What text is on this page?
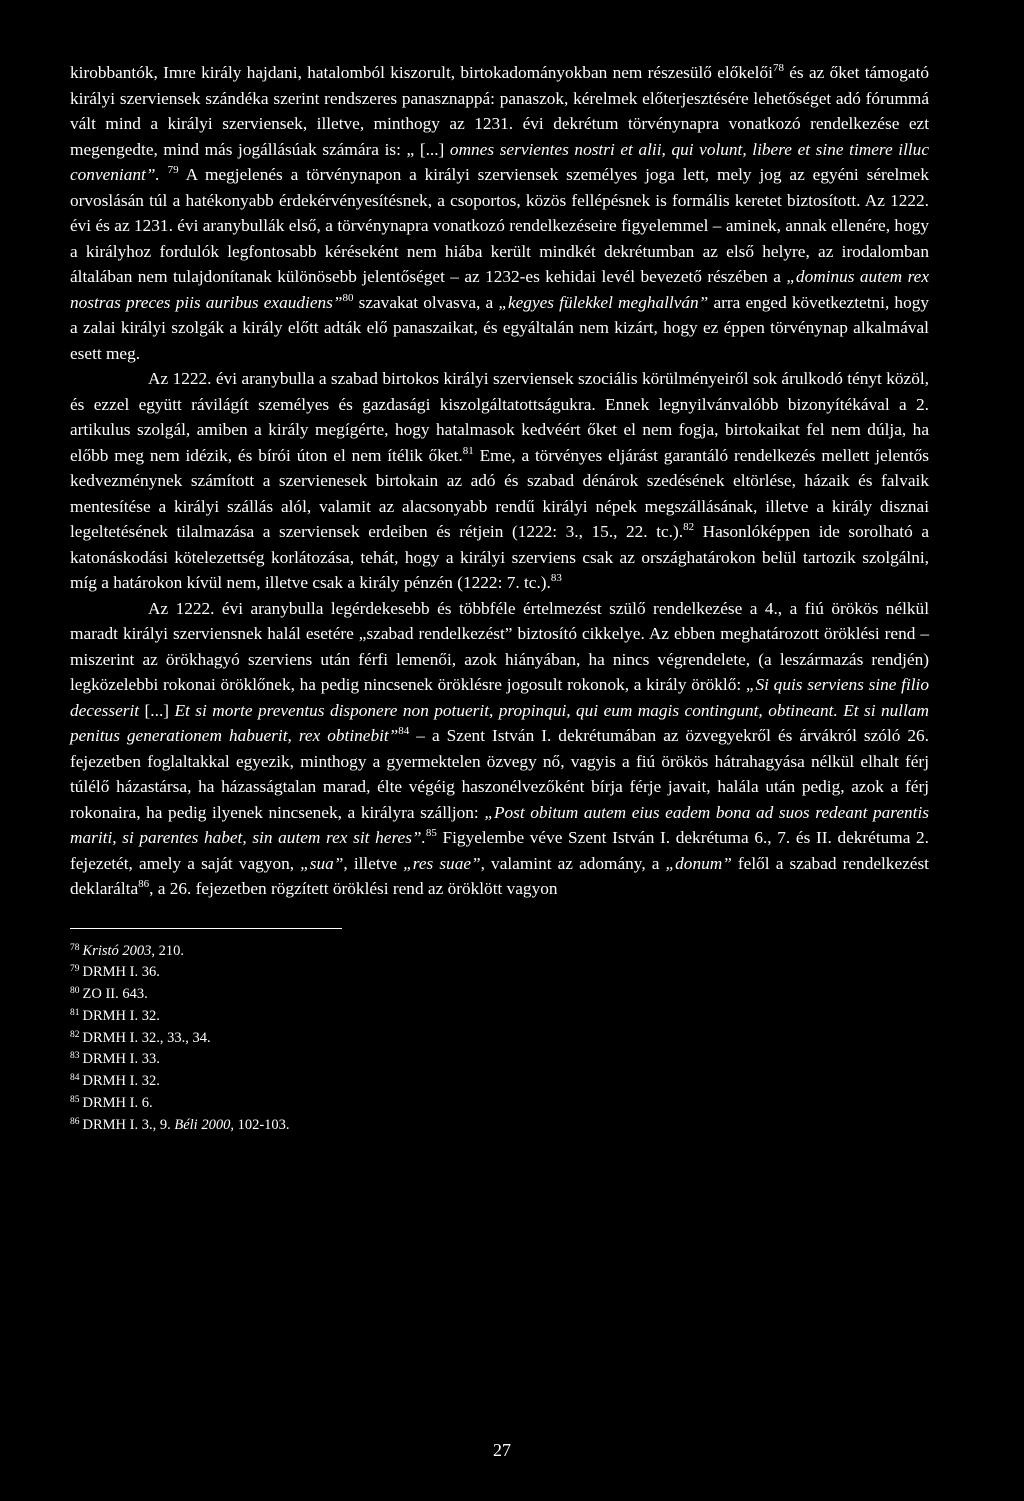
kirobbantók, Imre király hajdani, hatalomból kiszorult, birtokadományokban nem részesülő előkelői$^{78}$ és az őket támogató királyi szerviensek szándéka szerint rendszeres panasznappá: panaszok, kérelmek előterjesztésére lehetőséget adó fórummá vált mind a királyi szerviensek, illetve, minthogy az 1231. évi dekrétum törvénynapra vonatkozó rendelkezése ezt megengedte, mind más jogállásúak számára is: „ [...] omnes servientes nostri et alii, qui volunt, libere et sine timere illuc conveniant”. $^{79}$ A megjelenés a törvénynapon a királyi szerviensek személyes joga lett, mely jog az egyéni sérelmek orvoslásán túl a hatékonyabb érdekérvényesítésnek, a csoportos, közös fellépésnek is formális keretet biztosított. Az 1222. évi és az 1231. évi aranybullák első, a törvénynapra vonatkozó rendelkezéseire figyelemmel – aminek, annak ellenére, hogy a királyhoz fordulók legfontosabb kéréseként nem hiába került mindkét dekrétumban az első helyre, az irodalomban általában nem tulajdonítanak különösebb jelentőséget – az 1232-es kehidai levél bevezető részében a „dominus autem rex nostras preces piis auribus exaudiens”$^{80}$ szavakat olvasva, a „kegyes fülekkel meghallván” arra enged következtetni, hogy a zalai királyi szolgák a király előtt adták elő panaszaikat, és egyáltalán nem kizárt, hogy ez éppen törvénynap alkalmával esett meg.

Az 1222. évi aranybulla a szabad birtokos királyi szerviensek szociális körülményeiről sok árulkodó tényt közöl, és ezzel együtt rávilágít személyes és gazdasági kiszolgáltatottságukra. Ennek legnyilvánvalóbb bizonyítékával a 2. artikulus szolgál, amiben a király megígérte, hogy hatalmasok kedvéért őket el nem fogja, birtokaikat fel nem dúlja, ha előbb meg nem idézik, és bírói úton el nem ítélik őket.$^{81}$ Eme, a törvényes eljárást garantáló rendelkezés mellett jelentős kedvezménynek számított a szervienesek birtokain az adó és szabad dénárok szedésének eltörlése, házaik és falvaik mentesítése a királyi szállás alól, valamit az alacsonyabb rendű királyi népek megszállásának, illetve a király disznai legeltetésének tilalmazása a szerviensek erdeiben és rétjein (1222: 3., 15., 22. tc.).$^{82}$ Hasonlóképpen ide sorolható a katonáskodási kötelezettség korlátozása, tehát, hogy a királyi szerviens csak az országhatárokon belül tartozik szolgálni, míg a határokon kívül nem, illetve csak a király pénzén (1222: 7. tc.).$^{83}$

Az 1222. évi aranybulla legérdekesebb és többféle értelmezést szülő rendelkezése a 4., a fiú örökös nélkül maradt királyi szerviensnek halál esetére „szabad rendelkezést” biztosító cikkelye. Az ebben meghatározott öröklési rend – miszerint az örökhagyó szerviens után férfi lemenői, azok hiányában, ha nincs végrendelete, (a leszármazás rendjén) legközelebbi rokonai öröklőnek, ha pedig nincsenek öröklésre jogosult rokonok, a király öröklő: „Si quis serviens sine filio decesserit [...] Et si morte preventus disponere non potuerit, propinqui, qui eum magis contingunt, obtineant. Et si nullam penitus generationem habuerit, rex obtinebit”$^{84}$ – a Szent István I. dekrétumában az özvegyekről és árvákról szóló 26. fejezetben foglaltakkal egyezik, minthogy a gyermektelen özvegy nő, vagyis a fiú örökös hátrahagyása nélkül elhalt férj túlélő házastársa, ha házasságtalan marad, élte végéig haszonélvezőként bírja férje javait, halála után pedig, azok a férj rokonaira, ha pedig ilyenek nincsenek, a királyra szálljon: „Post obitum autem eius eadem bona ad suos redeant parentis mariti, si parentes habet, sin autem rex sit heres”.$^{85}$ Figyelembe véve Szent István I. dekrétuma 6., 7. és II. dekrétuma 2. fejezetét, amely a saját vagyon, „sua”, illetve „res suae”, valamint az adomány, a „donum” felől a szabad rendelkezést deklarálta$^{86}$, a 26. fejezetben rögzített öröklési rend az öröklött vagyon

$^{78}$ Kristó 2003, 210.
$^{79}$ DRMH I. 36.
$^{80}$ ZO II. 643.
$^{81}$ DRMH I. 32.
$^{82}$ DRMH I. 32., 33., 34.
$^{83}$ DRMH I. 33.
$^{84}$ DRMH I. 32.
$^{85}$ DRMH I. 6.
$^{86}$ DRMH I. 3., 9. Béli 2000, 102-103.
27
